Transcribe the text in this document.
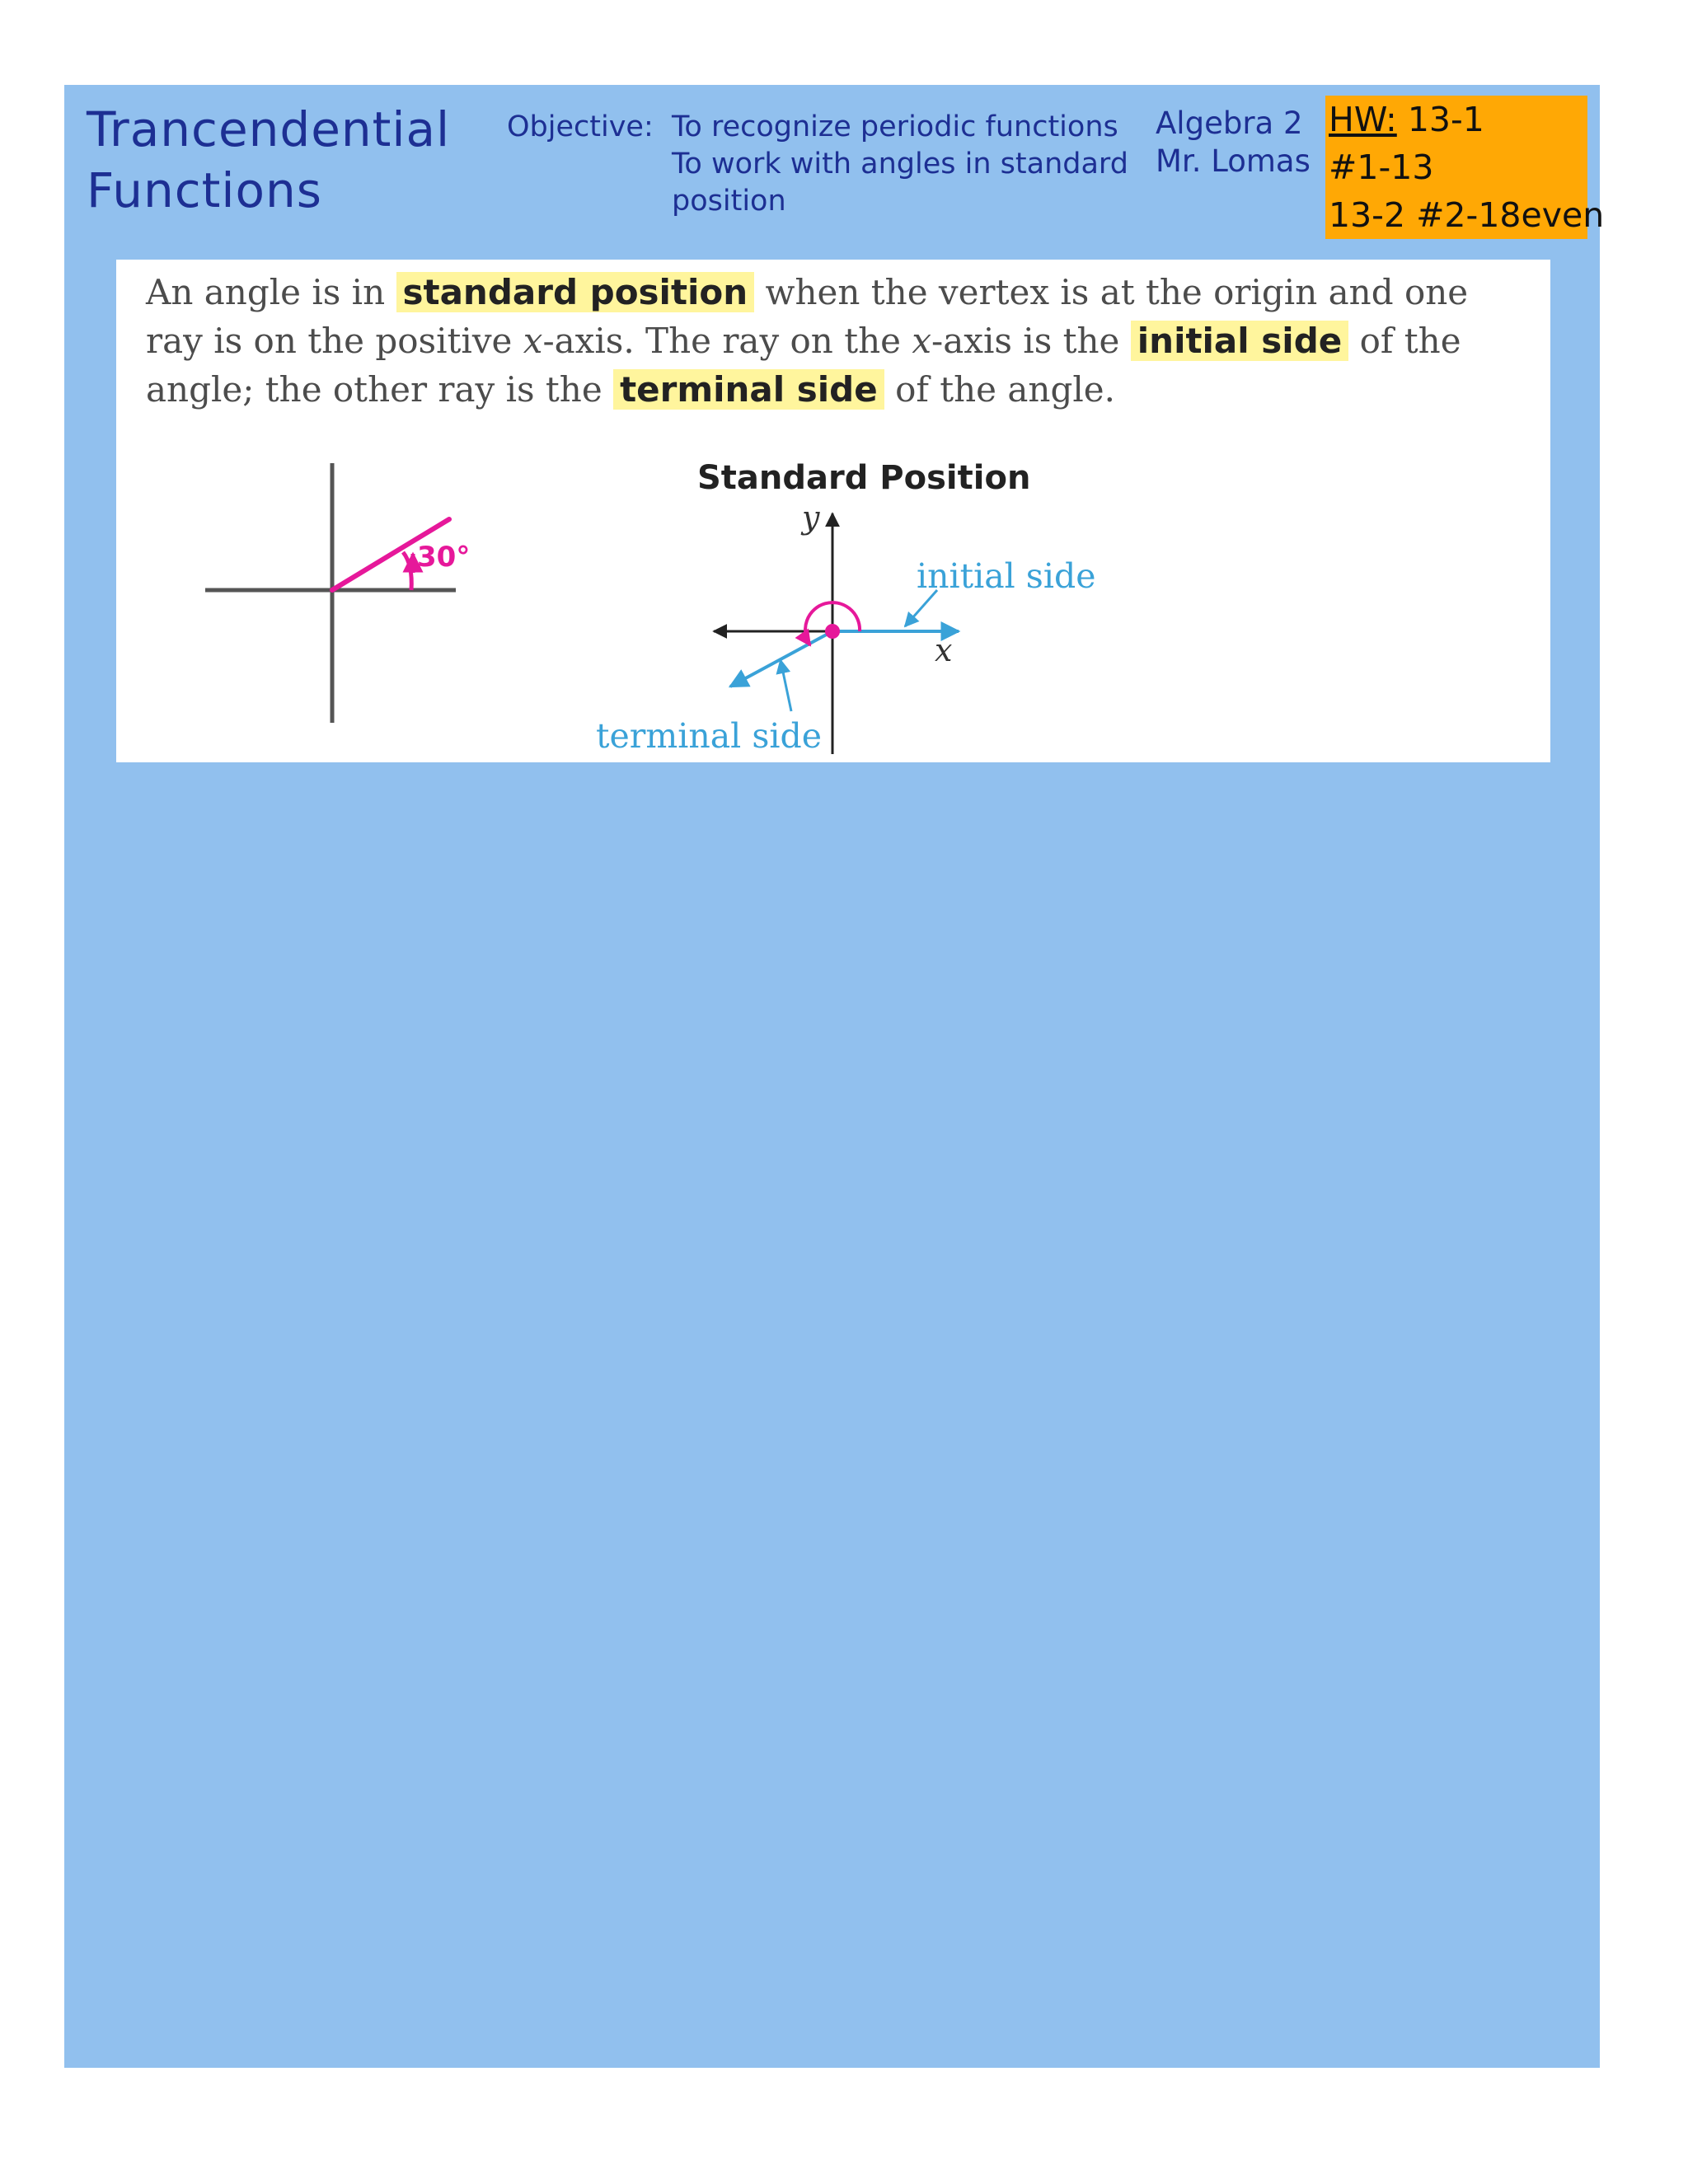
Trancendential
Functions
Objective: To recognize periodic functions
To work with angles in standard
position
Algebra 2
Mr. Lomas
HW: 13-1
#1-13
13-2 #2-18even
An angle is in standard position when the vertex is at the origin and one ray is on the positive x-axis. The ray on the x-axis is the initial side of the angle; the other ray is the terminal side of the angle.
30°
Standard Position
y
x
initial side
terminal side
